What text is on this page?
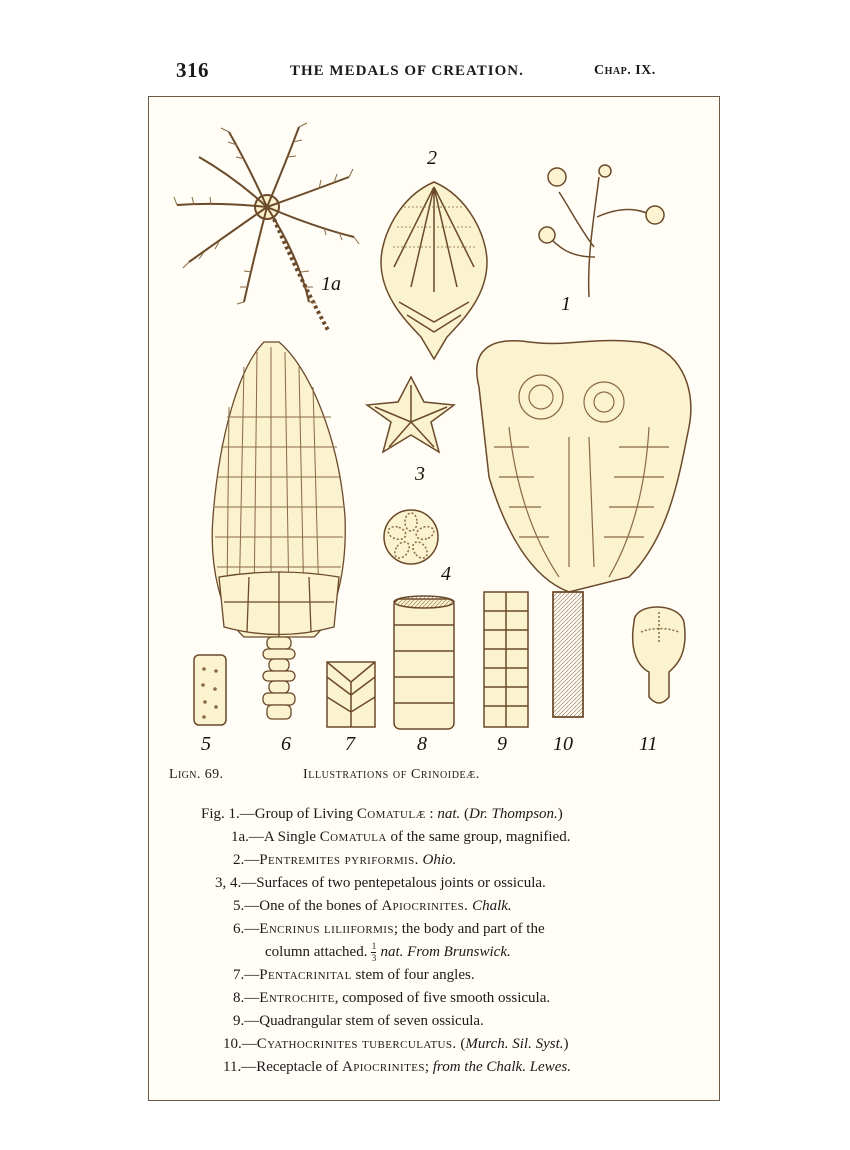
316	THE MEDALS OF CREATION.	Chap. IX.
1a
2
1
3
4
5	6	7	8	9 10	11
Lign. 69.	Illustrations of Crinoideæ.
Fig. 1.—Group of Living Comatulæ : nat. (Dr. Thompson.)
1a.—A Single Comatula of the same group, magnified.
2.—Pentremites pyriformis. Ohio.
3, 4.—Surfaces of two pentepetalous joints or ossicula.
5.—One of the bones of Apiocrinites. Chalk.
6.—Encrinus liliiformis; the body and part of the
column attached. $\frac{1}{3}$ nat. From Brunswick.
7.—Pentacrinital stem of four angles.
8.—Entrochite, composed of five smooth ossicula.
9.—Quadrangular stem of seven ossicula.
10.—Cyathocrinites tuberculatus. (Murch. Sil. Syst.)
11.—Receptacle of Apiocrinites; from the Chalk. Lewes.
